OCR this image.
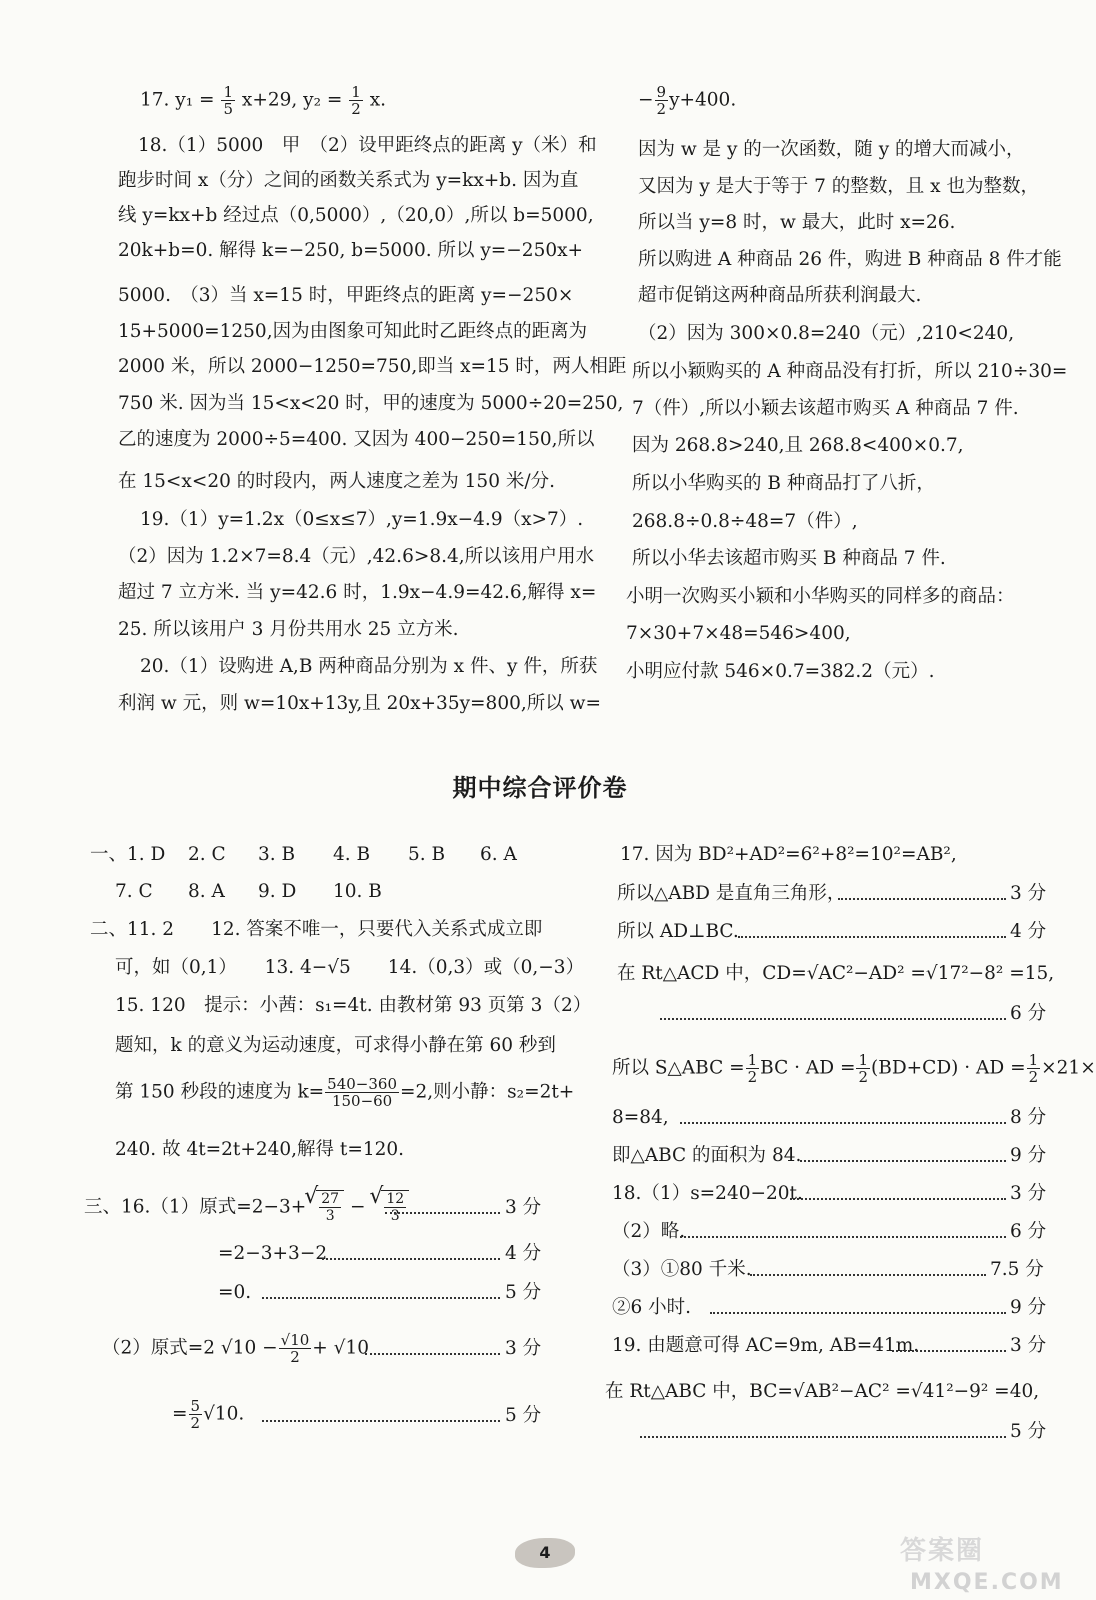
17. $y_1 = \frac{1}{5} x+29$, $y_2 = \frac{1}{2} x$.
18.（1）5000　甲　（2）设甲距终点的距离 y（米）和
跑步时间 x（分）之间的函数关系式为 y=kx+b. 因为直
线 y=kx+b 经过点（0,5000）,（20,0）,所以 b=5000,
20k+b=0. 解得 k=−250, b=5000. 所以 y=−250x+
5000.　（3）当 x=15 时，甲距终点的距离 y=−250×
15+5000=1250,因为由图象可知此时乙距终点的距离为
2000 米，所以 2000−1250=750,即当 x=15 时，两人相距
750 米. 因为当 15<x<20 时，甲的速度为 5000÷20=250,
乙的速度为 2000÷5=400. 又因为 400−250=150,所以
在 15<x<20 的时段内，两人速度之差为 150 米/分.
19.（1）y=1.2x（0≤x≤7）,y=1.9x−4.9（x>7）.
（2）因为 1.2×7=8.4（元）,42.6>8.4,所以该用户用水
超过 7 立方米. 当 y=42.6 时，1.9x−4.9=42.6,解得 x=
25. 所以该用户 3 月份共用水 25 立方米.
20.（1）设购进 A,B 两种商品分别为 x 件、y 件，所获
利润 w 元，则 w=10x+13y,且 20x+35y=800,所以 w=
− $\frac{9}{2} y+400$.
因为 w 是 y 的一次函数，随 y 的增大而减小，
又因为 y 是大于等于 7 的整数，且 x 也为整数，
所以当 y=8 时，w 最大，此时 x=26.
所以购进 A 种商品 26 件，购进 B 种商品 8 件才能
超市促销这两种商品所获利润最大.
（2）因为 300×0.8=240（元）,210<240,
所以小颖购买的 A 种商品没有打折，所以 210÷30=
7（件）,所以小颖去该超市购买 A 种商品 7 件.
因为 268.8>240,且 268.8<400×0.7,
所以小华购买的 B 种商品打了八折，
268.8÷0.8÷48=7（件）,
所以小华去该超市购买 B 种商品 7 件.
小明一次购买小颖和小华购买的同样多的商品：
7×30+7×48=546>400,
小明应付款 546×0.7=382.2（元）.
期中综合评价卷
一、1. D 2. C 3. B 4. B 5. B 6. A
7. C 8. A 9. D 10. B
二、11. 2　　12. 答案不唯一，只要代入关系式成立即
可，如（0,1）　　13. 4−√5　　14.（0,3）或（0,−3）
15. 120　提示：小茜：s₁=4t. 由教材第 93 页第 3（2）
题知，k 的意义为运动速度，可求得小静在第 60 秒到
第 150 秒段的速度为 $k= \frac{540-360}{150-60} =2$,则小静：s₂=2t+
240. 故 4t=2t+240,解得 t=120.
三、16.（1）原式=2−3+ √ $\frac{27}{3}$ − √ $\frac{12}{3}$	3 分
=2−3+3−2	4 分
=0.	5 分
（2）原式=2 $√10 - \frac{√10}{2} + √10$	3 分
= $\frac{5}{2} √10$.	5 分
17. 因为 BD²+AD²=6²+8²=10²=AB²,
所以△ABD 是直角三角形，	3 分
所以 AD⊥BC.	4 分
在 Rt△ACD 中，CD=√AC²−AD² =√17²−8² =15,
6 分
所以 S△ABC = $\frac{1}{2}$ BC · AD = $\frac{1}{2} (BD+CD)$ · AD = $\frac{1}{2} \times 21\times$
8=84,	8 分
即△ABC 的面积为 84.	9 分
18.（1）s=240−20t.	3 分
（2）略.	6 分
（3）①80 千米.	7.5 分
②6 小时.	9 分
19. 由题意可得 AC=9m, AB=41m.	3 分
在 Rt△ABC 中，BC=√AB²−AC² =√41²−9² =40,
5 分
4	答案圈
MXQE.COM
